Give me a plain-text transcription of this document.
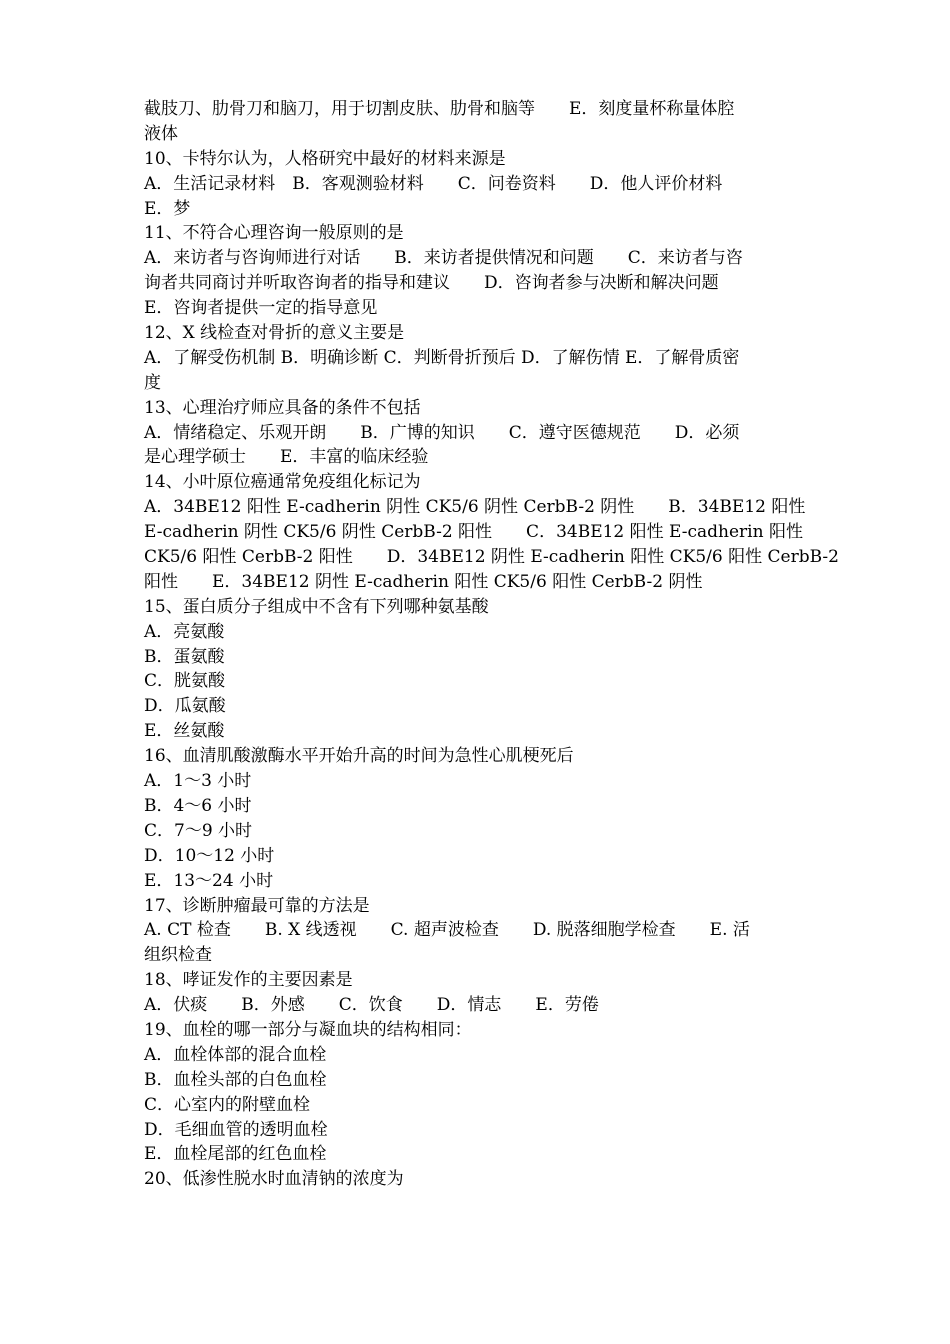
截肢刀、肋骨刀和脑刀，用于切割皮肤、肋骨和脑等　　E．刻度量杯称量体腔
液体
10、卡特尔认为，人格研究中最好的材料来源是
A．生活记录材料　B．客观测验材料　　C．问卷资料　　D．他人评价材料
E．梦
11、不符合心理咨询一般原则的是
A．来访者与咨询师进行对话　　B．来访者提供情况和问题　　C．来访者与咨
询者共同商讨并听取咨询者的指导和建议　　D．咨询者参与决断和解决问题
E．咨询者提供一定的指导意见
12、X 线检查对骨折的意义主要是
A．了解受伤机制 B．明确诊断 C．判断骨折预后 D．了解伤情 E．了解骨质密
度
13、心理治疗师应具备的条件不包括
A．情绪稳定、乐观开朗　　B．广博的知识　　C．遵守医德规范　　D．必须
是心理学硕士　　E．丰富的临床经验
14、小叶原位癌通常免疫组化标记为
A．34BE12 阳性 E-cadherin 阴性 CK5/6 阴性 CerbB-2 阴性　　B．34BE12 阳性
E-cadherin 阴性 CK5/6 阴性 CerbB-2 阳性　　C．34BE12 阳性 E-cadherin 阳性
CK5/6 阳性 CerbB-2 阳性　　D．34BE12 阴性 E-cadherin 阳性 CK5/6 阳性 CerbB-2
阳性　　E．34BE12 阴性 E-cadherin 阳性 CK5/6 阳性 CerbB-2 阴性
15、蛋白质分子组成中不含有下列哪种氨基酸
A．亮氨酸
B．蛋氨酸
C．胱氨酸
D．瓜氨酸
E．丝氨酸
16、血清肌酸激酶水平开始升高的时间为急性心肌梗死后
A．1～3 小时
B．4～6 小时
C．7～9 小时
D．10～12 小时
E．13～24 小时
17、诊断肿瘤最可靠的方法是
A. CT 检查　　B. X 线透视　　C. 超声波检查　　D. 脱落细胞学检查　　E. 活
组织检查
18、哮证发作的主要因素是
A．伏痰　　B．外感　　C．饮食　　D．情志　　E．劳倦
19、血栓的哪一部分与凝血块的结构相同：
A．血栓体部的混合血栓
B．血栓头部的白色血栓
C．心室内的附壁血栓
D．毛细血管的透明血栓
E．血栓尾部的红色血栓
20、低渗性脱水时血清钠的浓度为
